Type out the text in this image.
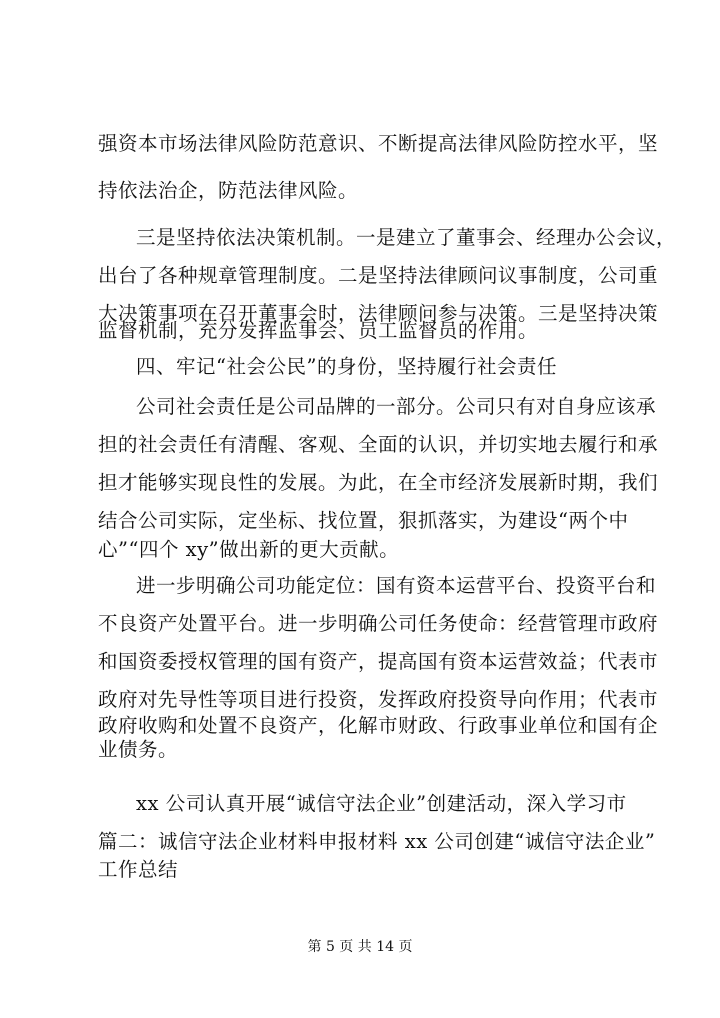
强资本市场法律风险防范意识、不断提高法律风险防控水平，坚
持依法治企，防范法律风险。
三是坚持依法决策机制。一是建立了董事会、经理办公会议，
出台了各种规章管理制度。二是坚持法律顾问议事制度，公司重
大决策事项在召开董事会时，法律顾问参与决策。三是坚持决策
监督机制，充分发挥监事会、员工监督员的作用。
四、牢记“社会公民”的身份，坚持履行社会责任
公司社会责任是公司品牌的一部分。公司只有对自身应该承
担的社会责任有清醒、客观、全面的认识，并切实地去履行和承
担才能够实现良性的发展。为此，在全市经济发展新时期，我们
结合公司实际，定坐标、找位置，狠抓落实，为建设“两个中
心”“四个 xy”做出新的更大贡献。
进一步明确公司功能定位：国有资本运营平台、投资平台和
不良资产处置平台。进一步明确公司任务使命：经营管理市政府
和国资委授权管理的国有资产，提高国有资本运营效益；代表市
政府对先导性等项目进行投资，发挥政府投资导向作用；代表市
政府收购和处置不良资产，化解市财政、行政事业单位和国有企
业债务。
xx 公司认真开展“诚信守法企业”创建活动，深入学习市
篇二：诚信守法企业材料申报材料 xx 公司创建“诚信守法企业”
工作总结
第 5 页 共 14 页
